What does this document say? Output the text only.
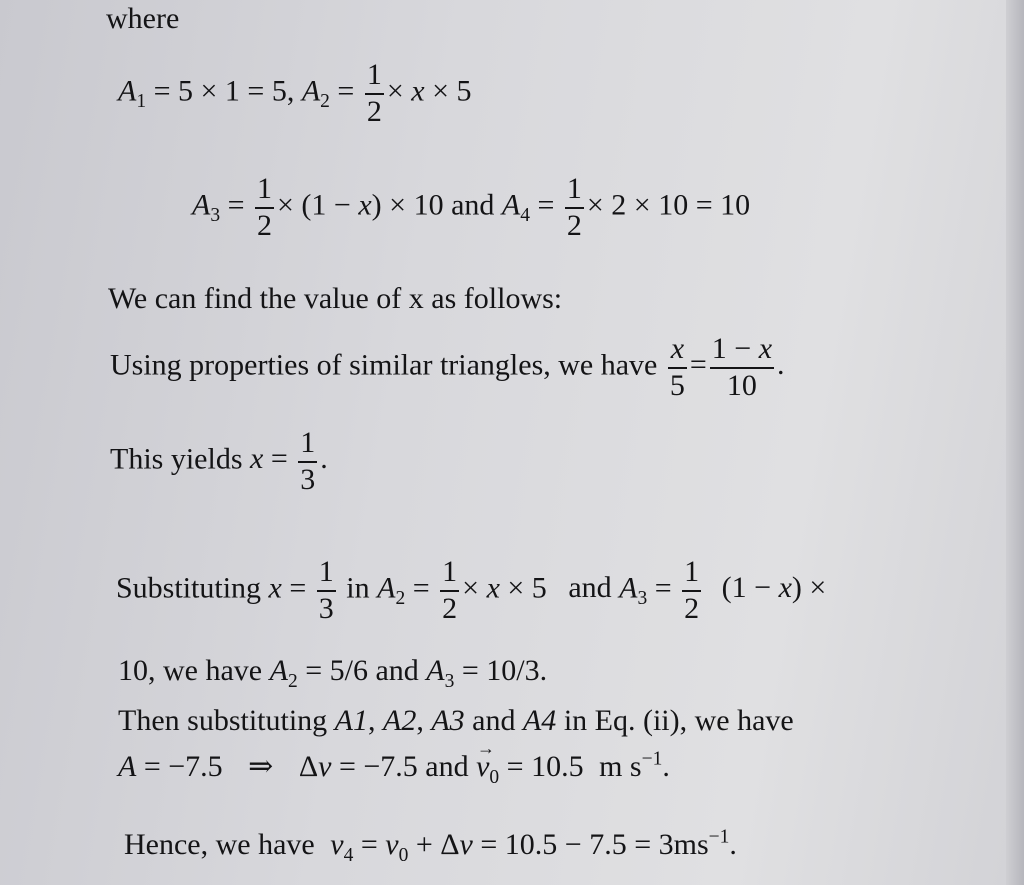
where
$A_1 = 5 \times 1 = 5$, $A_2 = \frac{1}{2} \times x \times 5$
$A_3 = \frac{1}{2} \times (1 - x) \times 10$ and $A_4 = \frac{1}{2} \times 2 \times 10 = 10$
We can find the value of x as follows:
Using properties of similar triangles, we have $\frac{x}{5} = \frac{1 - x}{10}$ .
This yields $x = \frac{1}{3}$ .
Substituting $x = \frac{1}{3}$ in $A_2 = \frac{1}{2} \times x \times 5$ and $A_3 = \frac{1}{2} (1 - x)$ ×
10, we have $A_2 = 5/6$ and $A_3 = 10/3$.
Then substituting A1, A2, A3 and A4 in Eq. (ii), we have
A = −7.5 ⇒ Δv = −7.5 and → $v_0 = 10.5$ m $s^{-1}$.
Hence, we have $v_4 = v_0 + \Delta v = 10.5 - 7.5 = 3ms^{-1}$.
